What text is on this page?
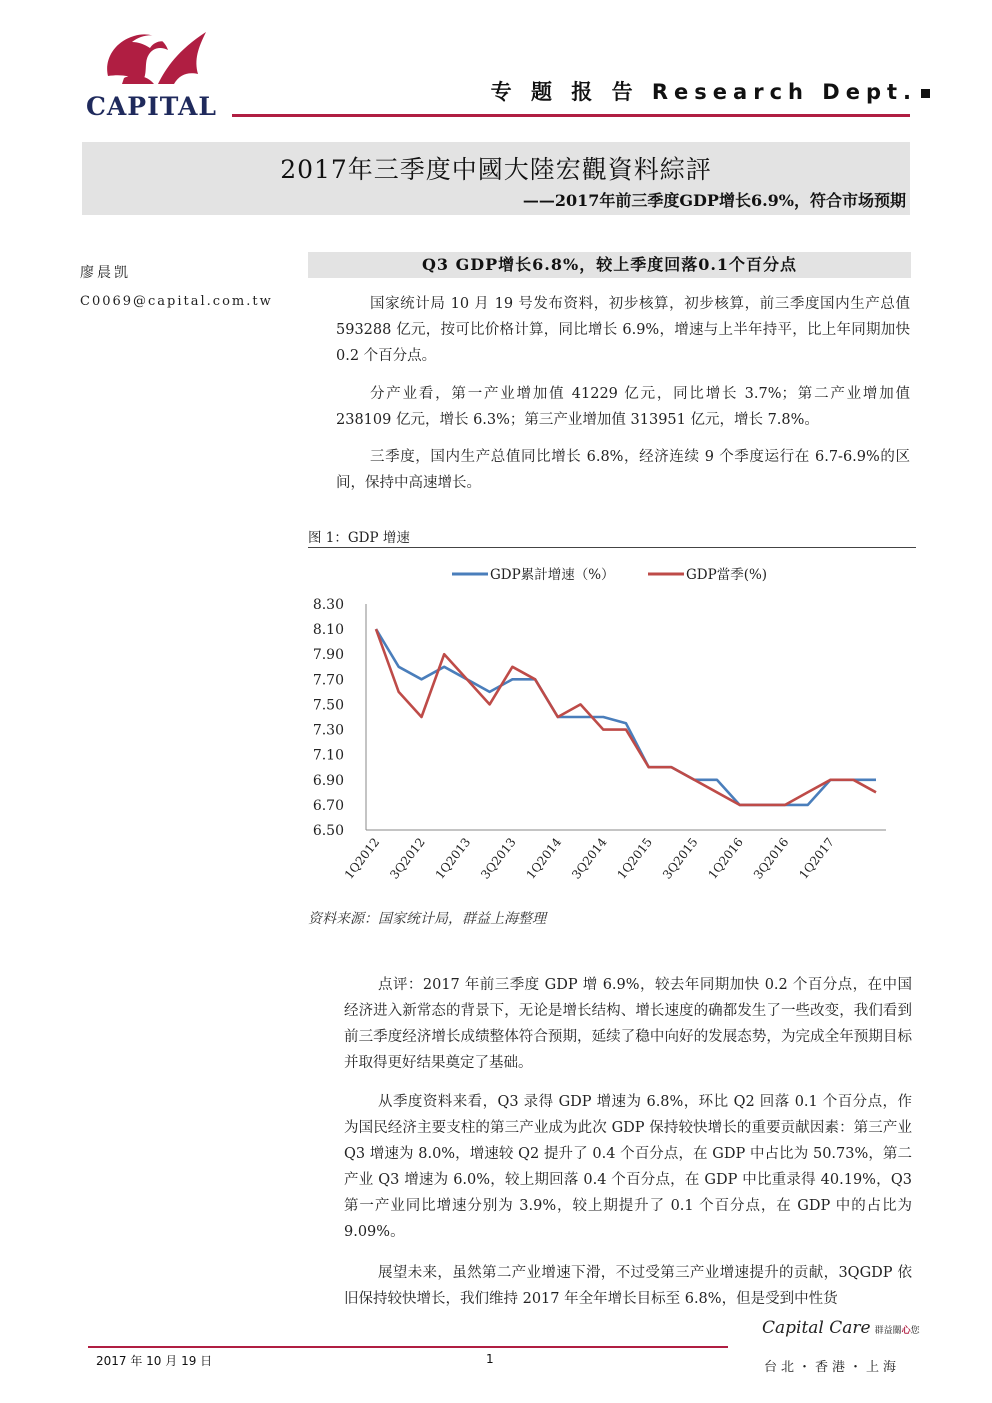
CAPITAL	专 题 报 告 Research Dept.
2017年三季度中國大陸宏觀資料綜評
——2017年前三季度GDP增长6.9%，符合市场预期
廖晨凯
C0069@capital.com.tw
Q3 GDP增长6.8%，较上季度回落0.1个百分点

国家统计局 10 月 19 号发布资料，初步核算，初步核算，前三季度国内生产总值 593288 亿元，按可比价格计算，同比增长 6.9%，增速与上半年持平，比上年同期加快 0.2 个百分点。

分产业看，第一产业增加值 41229 亿元，同比增长 3.7%；第二产业增加值 238109 亿元，增长 6.3%；第三产业增加值 313951 亿元，增长 7.8%。

三季度，国内生产总值同比增长 6.8%，经济连续 9 个季度运行在 6.7-6.9%的区间，保持中高速增长。

图 1：GDP 增速
8.30
8.10
7.90
7.70
7.50
7.30
7.10
6.90
6.70
6.50
1Q2012 3Q2012 1Q2013 3Q2013 1Q2014 3Q2014 1Q2015 3Q2015 1Q2016 3Q2016 1Q2017
GDP累計增速（%）	GDP當季(%)
资料来源：国家统计局，群益上海整理

点评：2017 年前三季度 GDP 增 6.9%，较去年同期加快 0.2 个百分点，在中国经济进入新常态的背景下，无论是增长结构、增长速度的确都发生了一些改变，我们看到前三季度经济增长成绩整体符合预期，延续了稳中向好的发展态势，为完成全年预期目标并取得更好结果奠定了基础。

从季度资料来看，Q3 录得 GDP 增速为 6.8%，环比 Q2 回落 0.1 个百分点，作为国民经济主要支柱的第三产业成为此次 GDP 保持较快增长的重要贡献因素：第三产业 Q3 增速为 8.0%，增速较 Q2 提升了 0.4 个百分点，在 GDP 中占比为 50.73%，第二产业 Q3 增速为 6.0%，较上期回落 0.4 个百分点，在 GDP 中比重录得 40.19%，Q3 第一产业同比增速分别为 3.9%，较上期提升了 0.1 个百分点，在 GDP 中的占比为 9.09%。

展望未来，虽然第二产业增速下滑，不过受第三产业增速提升的贡献，3QGDP 依旧保持较快增长，我们维持 2017 年全年增长目标至 6.8%，但是受到中性货

Capital Care 群益關心您
2017 年 10 月 19 日	1
台北・香港・上海
